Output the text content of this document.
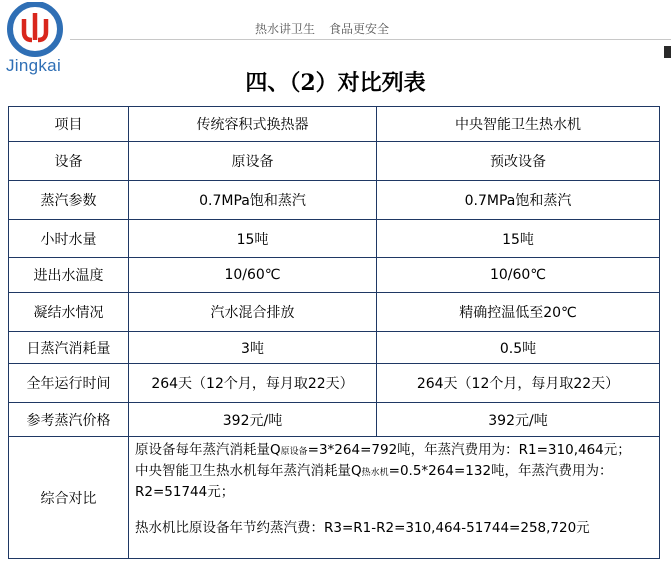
Jingkai
热水讲卫生 食品更安全
四、（2）对比列表
项目	传统容积式换热器	中央智能卫生热水机
设备	原设备	预改设备
蒸汽参数	0.7MPa饱和蒸汽	0.7MPa饱和蒸汽
小时水量	15吨	15吨
进出水温度	10/60℃	10/60℃
凝结水情况	汽水混合排放	精确控温低至20℃
日蒸汽消耗量	3吨	0.5吨
全年运行时间	264天（12个月，每月取22天）	264天（12个月，每月取22天）
参考蒸汽价格	392元/吨	392元/吨
综合对比	原设备每年蒸汽消耗量Q原设备=3*264=792吨，年蒸汽费用为：R1=310,464元；

中央智能卫生热水机每年蒸汽消耗量Q热水机=0.5*264=132吨，年蒸汽费用为：R2=51744元；

热水机比原设备年节约蒸汽费：R3=R1-R2=310,464-51744=258,720元	
